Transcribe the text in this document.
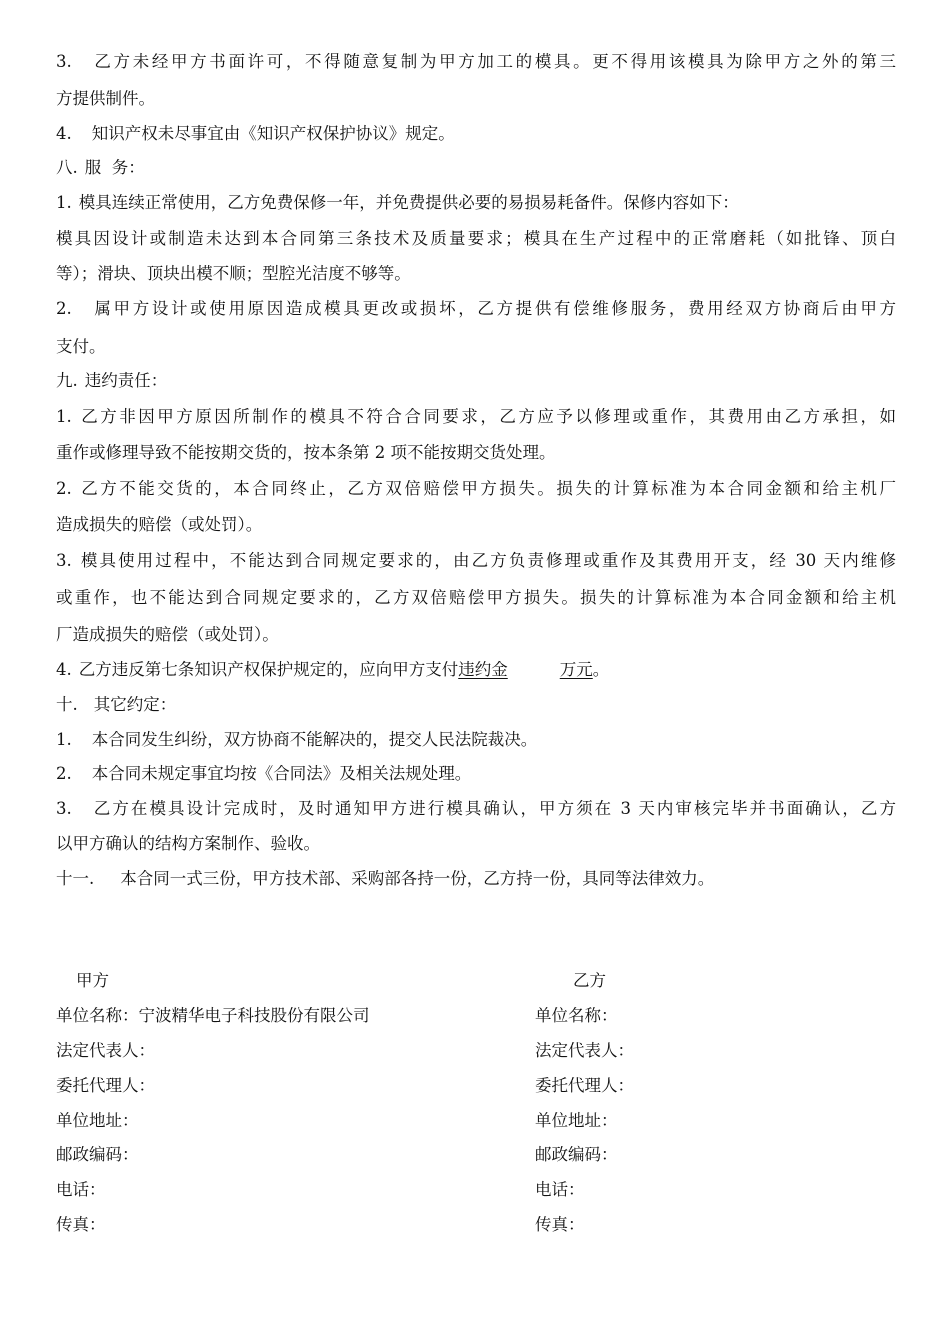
3. 乙方未经甲方书面许可，不得随意复制为甲方加工的模具。更不得用该模具为除甲方之外的第三
方提供制件。
4. 知识产权未尽事宜由《知识产权保护协议》规定。
八. 服  务：
1. 模具连续正常使用，乙方免费保修一年，并免费提供必要的易损易耗备件。保修内容如下：
模具因设计或制造未达到本合同第三条技术及质量要求；模具在生产过程中的正常磨耗（如批锋、顶白
等）；滑块、顶块出模不顺；型腔光洁度不够等。
2. 属甲方设计或使用原因造成模具更改或损坏，乙方提供有偿维修服务，费用经双方协商后由甲方
支付。
九. 违约责任：
1. 乙方非因甲方原因所制作的模具不符合合同要求，乙方应予以修理或重作，其费用由乙方承担，如
重作或修理导致不能按期交货的，按本条第 2 项不能按期交货处理。
2. 乙方不能交货的，本合同终止，乙方双倍赔偿甲方损失。损失的计算标准为本合同金额和给主机厂
造成损失的赔偿（或处罚）。
3. 模具使用过程中，不能达到合同规定要求的，由乙方负责修理或重作及其费用开支，经 30 天内维修
或重作，也不能达到合同规定要求的，乙方双倍赔偿甲方损失。损失的计算标准为本合同金额和给主机
厂造成损失的赔偿（或处罚）。
4. 乙方违反第七条知识产权保护规定的，应向甲方支付违约金	万元。
十. 其它约定：
1. 本合同发生纠纷，双方协商不能解决的，提交人民法院裁决。
2. 本合同未规定事宜均按《合同法》及相关法规处理。
3. 乙方在模具设计完成时，及时通知甲方进行模具确认，甲方须在 3 天内审核完毕并书面确认，乙方
以甲方确认的结构方案制作、验收。
十一. 本合同一式三份，甲方技术部、采购部各持一份，乙方持一份，具同等法律效力。
甲方
单位名称：宁波精华电子科技股份有限公司
法定代表人：
委托代理人：
单位地址：
邮政编码：
电话：
传真：
乙方
单位名称：
法定代表人：
委托代理人：
单位地址：
邮政编码：
电话：
传真：
